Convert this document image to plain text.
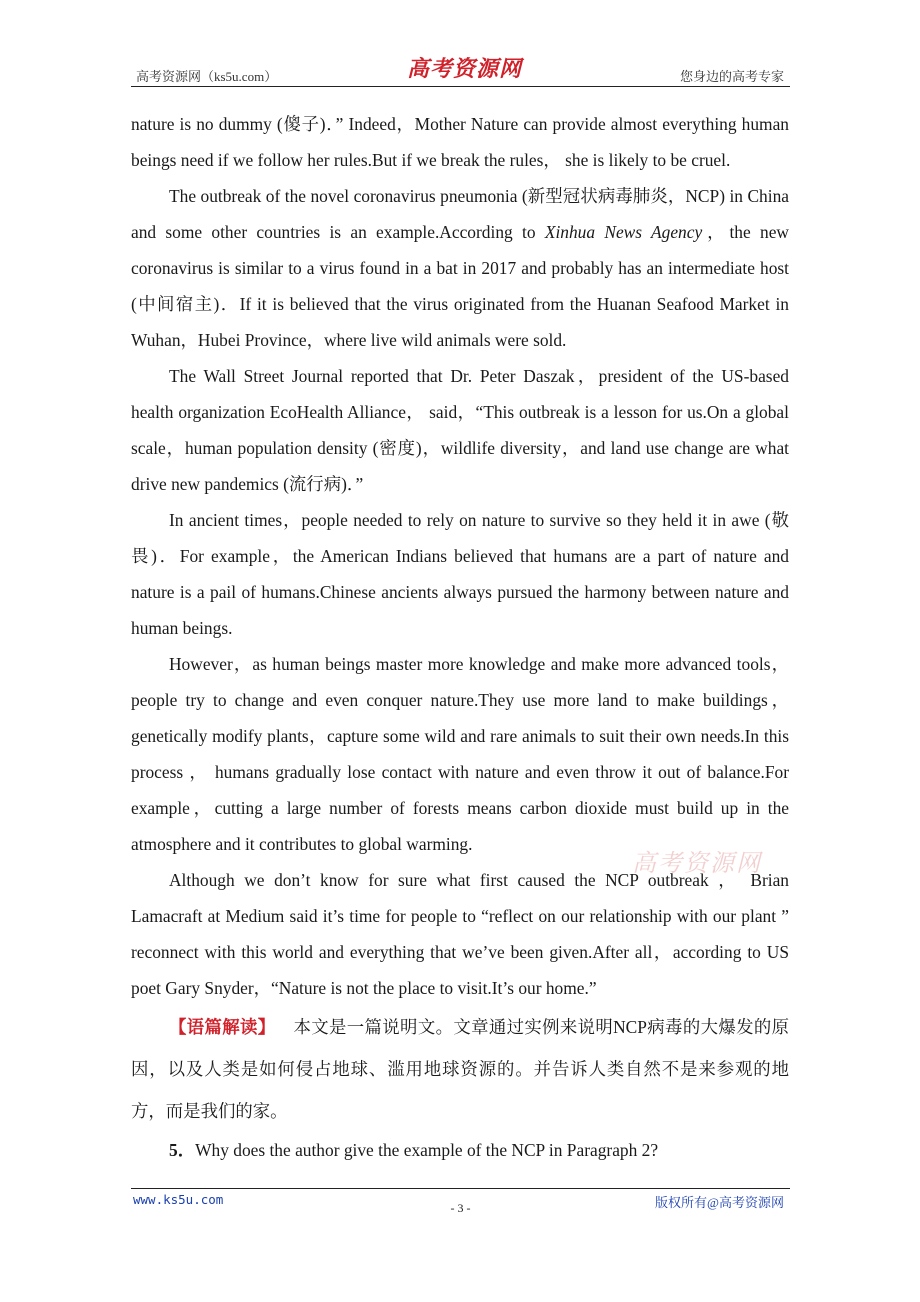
高考资源网（ks5u.com）	高考资源网	您身边的高考专家

nature is no dummy (傻子)．” Indeed，Mother Nature can provide almost everything human beings need if we follow her rules.But if we break the rules， she is likely to be cruel.

The outbreak of the novel coronavirus pneumonia (新型冠状病毒肺炎，NCP) in China and some other countries is an example.According to Xinhua News Agency，the new coronavirus is similar to a virus found in a bat in 2017 and probably has an intermediate host (中间宿主)．If it is believed that the virus originated from the Huanan Seafood Market in Wuhan，Hubei Province，where live wild animals were sold.

The Wall Street Journal reported that Dr. Peter Daszak，president of the US-based health organization EcoHealth Alliance， said，“This outbreak is a lesson for us.On a global scale，human population density (密度)，wildlife diversity，and land use change are what drive new pandemics (流行病)．”

In ancient times，people needed to rely on nature to survive so they held it in awe (敬畏)．For example，the American Indians believed that humans are a part of nature and nature is a pail of humans.Chinese ancients always pursued the harmony between nature and human beings.

However，as human beings master more knowledge and make more advanced tools，people try to change and even conquer nature.They use more land to make buildings，genetically modify plants，capture some wild and rare animals to suit their own needs.In this process ， humans gradually lose contact with nature and even throw it out of balance.For example，cutting a large number of forests means carbon dioxide must build up in the atmosphere and it contributes to global warming.

Although we don’t know for sure what first caused the NCP outbreak ， Brian Lamacraft at Medium said it’s time for people to “reflect on our relationship with our plant ” reconnect with this world and everything that we’ve been given.After all，according to US poet Gary Snyder，“Nature is not the place to visit.It’s our home.”

【语篇解读】 本文是一篇说明文。文章通过实例来说明NCP病毒的大爆发的原因，以及人类是如何侵占地球、滥用地球资源的。并告诉人类自然不是来参观的地方，而是我们的家。

5．Why does the author give the example of the NCP in Paragraph 2?

高考资源网
www.ks5u.com
- 3 -	版权所有@高考资源网
